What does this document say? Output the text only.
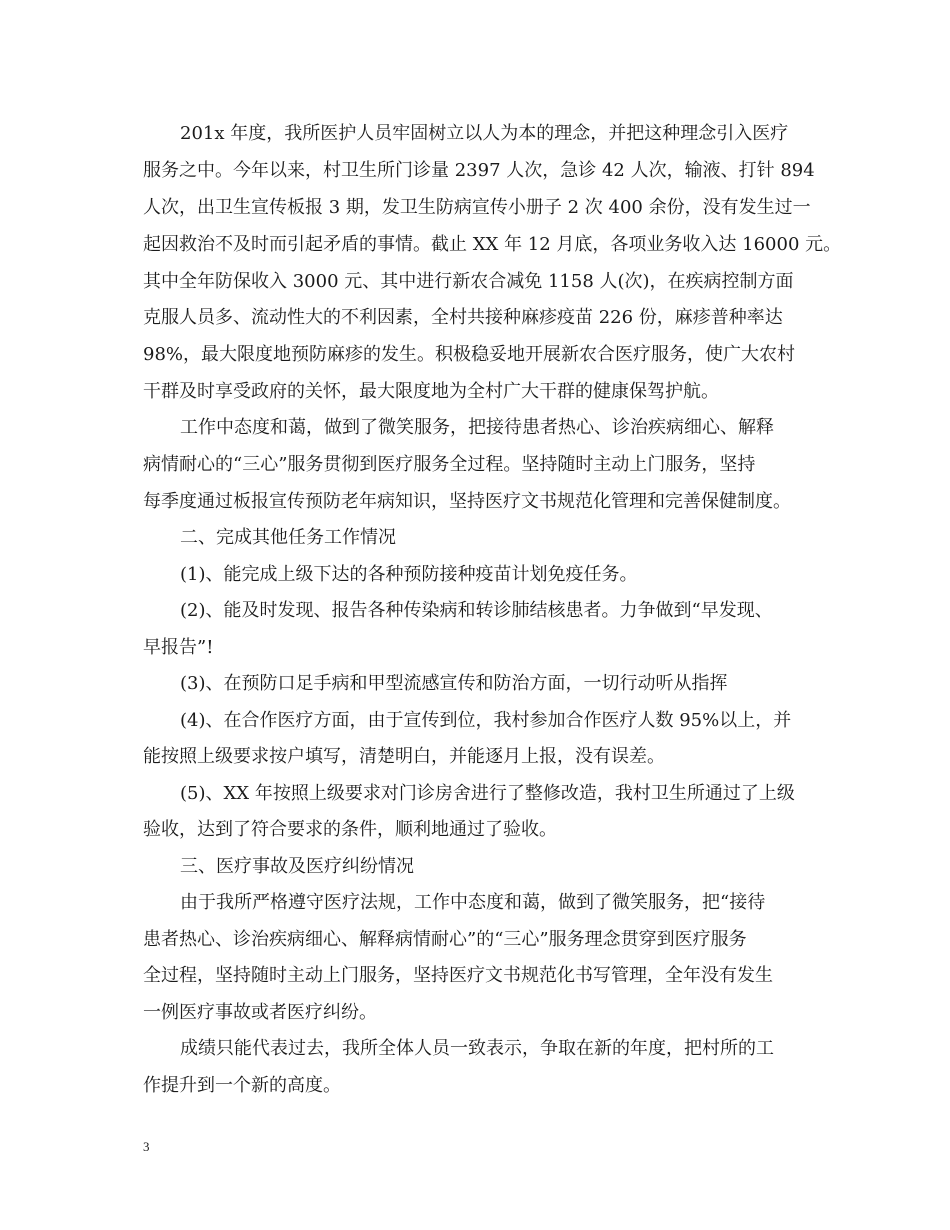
201x 年度，我所医护人员牢固树立以人为本的理念，并把这种理念引入医疗
服务之中。今年以来，村卫生所门诊量 2397 人次，急诊 42 人次，输液、打针 894
人次，出卫生宣传板报 3 期，发卫生防病宣传小册子 2 次 400 余份，没有发生过一
起因救治不及时而引起矛盾的事情。截止 XX 年 12 月底，各项业务收入达 16000 元。
其中全年防保收入 3000 元、其中进行新农合减免 1158 人(次)，在疾病控制方面
克服人员多、流动性大的不利因素，全村共接种麻疹疫苗 226 份，麻疹普种率达
98%，最大限度地预防麻疹的发生。积极稳妥地开展新农合医疗服务，使广大农村
干群及时享受政府的关怀，最大限度地为全村广大干群的健康保驾护航。
工作中态度和蔼，做到了微笑服务，把接待患者热心、诊治疾病细心、解释
病情耐心的“三心”服务贯彻到医疗服务全过程。坚持随时主动上门服务，坚持
每季度通过板报宣传预防老年病知识，坚持医疗文书规范化管理和完善保健制度。
二、完成其他任务工作情况
(1)、能完成上级下达的各种预防接种疫苗计划免疫任务。
(2)、能及时发现、报告各种传染病和转诊肺结核患者。力争做到“早发现、
早报告”!
(3)、在预防口足手病和甲型流感宣传和防治方面，一切行动听从指挥
(4)、在合作医疗方面，由于宣传到位，我村参加合作医疗人数 95%以上，并
能按照上级要求按户填写，清楚明白，并能逐月上报，没有误差。
(5)、XX 年按照上级要求对门诊房舍进行了整修改造，我村卫生所通过了上级
验收，达到了符合要求的条件，顺利地通过了验收。
三、医疗事故及医疗纠纷情况
由于我所严格遵守医疗法规，工作中态度和蔼，做到了微笑服务，把“接待
患者热心、诊治疾病细心、解释病情耐心”的“三心”服务理念贯穿到医疗服务
全过程，坚持随时主动上门服务，坚持医疗文书规范化书写管理，全年没有发生
一例医疗事故或者医疗纠纷。
成绩只能代表过去，我所全体人员一致表示，争取在新的年度，把村所的工
作提升到一个新的高度。
3
